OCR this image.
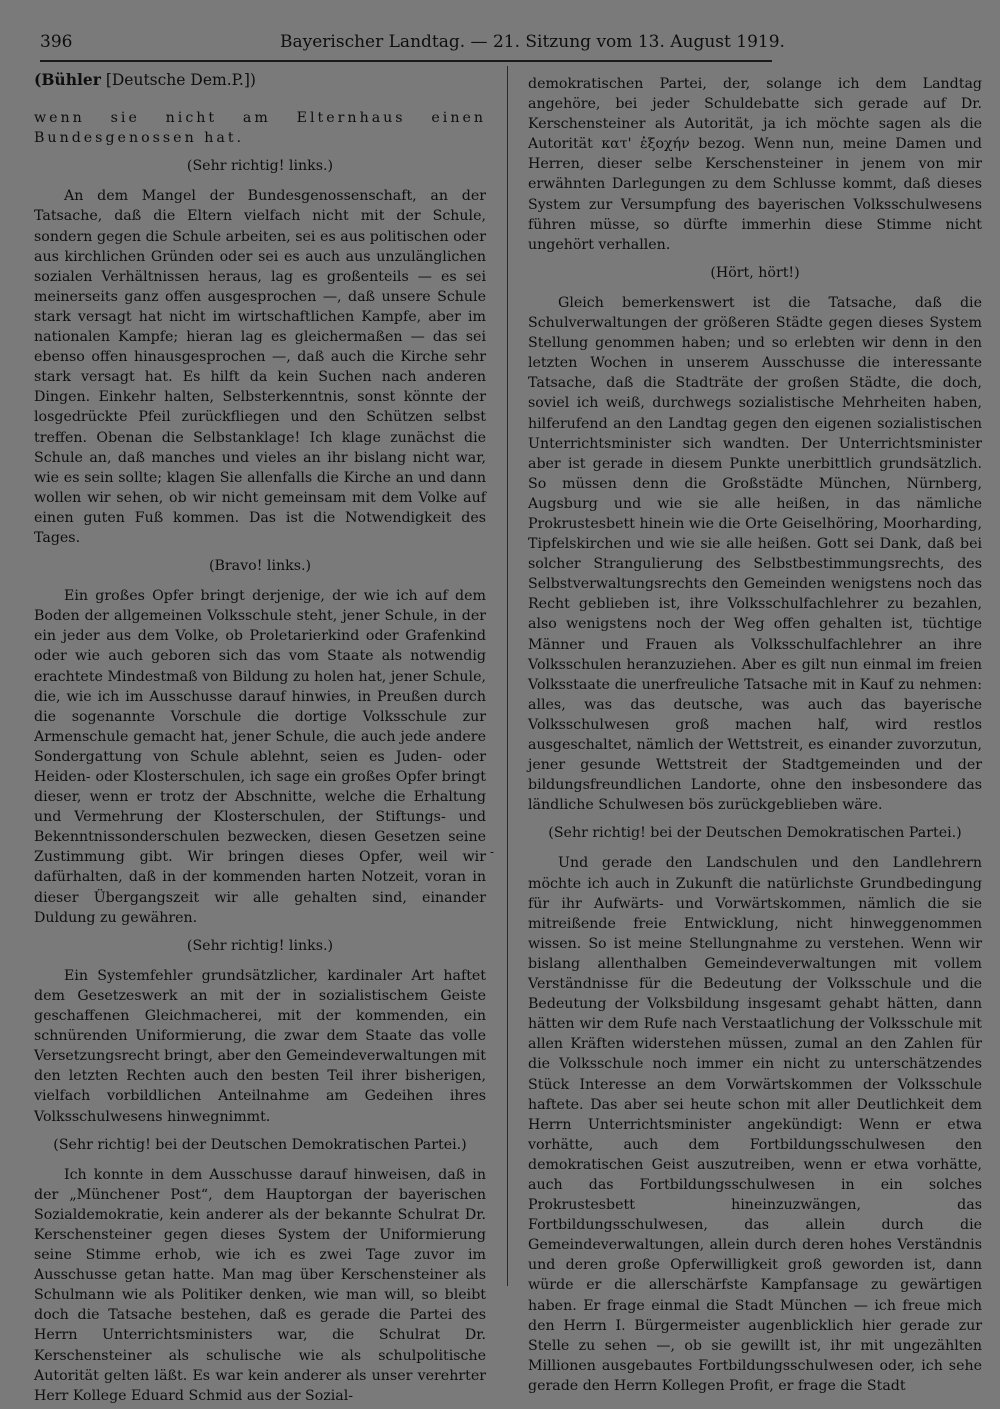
396	Bayerischer Landtag. — 21. Sitzung vom 13. August 1919.
-
(Bühler [Deutsche Dem.P.])

wenn sie nicht am Elternhaus einen Bundesgenossen hat.

(Sehr richtig! links.)

An dem Mangel der Bundesgenossenschaft, an der Tatsache, daß die Eltern vielfach nicht mit der Schule, sondern gegen die Schule arbeiten, sei es aus politischen oder aus kirchlichen Gründen oder sei es auch aus unzulänglichen sozialen Verhältnissen heraus, lag es großenteils — es sei meinerseits ganz offen ausgesprochen —, daß unsere Schule stark versagt hat nicht im wirtschaftlichen Kampfe, aber im nationalen Kampfe; hieran lag es gleichermaßen — das sei ebenso offen hinausgesprochen —, daß auch die Kirche sehr stark versagt hat. Es hilft da kein Suchen nach anderen Dingen. Einkehr halten, Selbsterkenntnis, sonst könnte der losgedrückte Pfeil zurückfliegen und den Schützen selbst treffen. Obenan die Selbstanklage! Ich klage zunächst die Schule an, daß manches und vieles an ihr bislang nicht war, wie es sein sollte; klagen Sie allenfalls die Kirche an und dann wollen wir sehen, ob wir nicht gemeinsam mit dem Volke auf einen guten Fuß kommen. Das ist die Notwendigkeit des Tages.

(Bravo! links.)

Ein großes Opfer bringt derjenige, der wie ich auf dem Boden der allgemeinen Volksschule steht, jener Schule, in der ein jeder aus dem Volke, ob Proletarierkind oder Grafenkind oder wie auch geboren sich das vom Staate als notwendig erachtete Mindestmaß von Bildung zu holen hat, jener Schule, die, wie ich im Ausschusse darauf hinwies, in Preußen durch die sogenannte Vorschule die dortige Volksschule zur Armenschule gemacht hat, jener Schule, die auch jede andere Sondergattung von Schule ablehnt, seien es Juden- oder Heiden- oder Klosterschulen, ich sage ein großes Opfer bringt dieser, wenn er trotz der Abschnitte, welche die Erhaltung und Vermehrung der Klosterschulen, der Stiftungs- und Bekenntnissonderschulen bezwecken, diesen Gesetzen seine Zustimmung gibt. Wir bringen dieses Opfer, weil wir dafürhalten, daß in der kommenden harten Notzeit, voran in dieser Übergangszeit wir alle gehalten sind, einander Duldung zu gewähren.

(Sehr richtig! links.)

Ein Systemfehler grundsätzlicher, kardinaler Art haftet dem Gesetzeswerk an mit der in sozialistischem Geiste geschaffenen Gleichmacherei, mit der kommenden, ein schnürenden Uniformierung, die zwar dem Staate das volle Versetzungsrecht bringt, aber den Gemeindeverwaltungen mit den letzten Rechten auch den besten Teil ihrer bisherigen, vielfach vorbildlichen Anteilnahme am Gedeihen ihres Volksschulwesens hinwegnimmt.

(Sehr richtig! bei der Deutschen Demokratischen Partei.)

Ich konnte in dem Ausschusse darauf hinweisen, daß in der „Münchener Post“, dem Hauptorgan der bayerischen Sozialdemokratie, kein anderer als der bekannte Schulrat Dr. Kerschensteiner gegen dieses System der Uniformierung seine Stimme erhob, wie ich es zwei Tage zuvor im Ausschusse getan hatte. Man mag über Kerschensteiner als Schulmann wie als Politiker denken, wie man will, so bleibt doch die Tatsache bestehen, daß es gerade die Partei des Herrn Unterrichtsministers war, die Schulrat Dr. Kerschensteiner als schulische wie als schulpolitische Autorität gelten läßt. Es war kein anderer als unser verehrter Herr Kollege Eduard Schmid aus der Sozial-

demokratischen Partei, der, solange ich dem Landtag angehöre, bei jeder Schuldebatte sich gerade auf Dr. Kerschensteiner als Autorität, ja ich möchte sagen als die Autorität κατ' ἐξοχήν bezog. Wenn nun, meine Damen und Herren, dieser selbe Kerschensteiner in jenem von mir erwähnten Darlegungen zu dem Schlusse kommt, daß dieses System zur Versumpfung des bayerischen Volksschulwesens führen müsse, so dürfte immerhin diese Stimme nicht ungehört verhallen.

(Hört, hört!)

Gleich bemerkenswert ist die Tatsache, daß die Schulverwaltungen der größeren Städte gegen dieses System Stellung genommen haben; und so erlebten wir denn in den letzten Wochen in unserem Ausschusse die interessante Tatsache, daß die Stadträte der großen Städte, die doch, soviel ich weiß, durchwegs sozialistische Mehrheiten haben, hilferufend an den Landtag gegen den eigenen sozialistischen Unterrichtsminister sich wandten. Der Unterrichtsminister aber ist gerade in diesem Punkte unerbittlich grundsätzlich. So müssen denn die Großstädte München, Nürnberg, Augsburg und wie sie alle heißen, in das nämliche Prokrustesbett hinein wie die Orte Geiselhöring, Moorharding, Tipfelskirchen und wie sie alle heißen. Gott sei Dank, daß bei solcher Strangulierung des Selbstbestimmungsrechts, des Selbstverwaltungsrechts den Gemeinden wenigstens noch das Recht geblieben ist, ihre Volksschulfachlehrer zu bezahlen, also wenigstens noch der Weg offen gehalten ist, tüchtige Männer und Frauen als Volksschulfachlehrer an ihre Volksschulen heranzuziehen. Aber es gilt nun einmal im freien Volksstaate die unerfreuliche Tatsache mit in Kauf zu nehmen: alles, was das deutsche, was auch das bayerische Volksschulwesen groß machen half, wird restlos ausgeschaltet, nämlich der Wettstreit, es einander zuvorzutun, jener gesunde Wettstreit der Stadtgemeinden und der bildungsfreundlichen Landorte, ohne den insbesondere das ländliche Schulwesen bös zurückgeblieben wäre.

(Sehr richtig! bei der Deutschen Demokratischen Partei.)

Und gerade den Landschulen und den Landlehrern möchte ich auch in Zukunft die natürlichste Grundbedingung für ihr Aufwärts- und Vorwärtskommen, nämlich die sie mitreißende freie Entwicklung, nicht hinweggenommen wissen. So ist meine Stellungnahme zu verstehen. Wenn wir bislang allenthalben Gemeindeverwaltungen mit vollem Verständnisse für die Bedeutung der Volksschule und die Bedeutung der Volksbildung insgesamt gehabt hätten, dann hätten wir dem Rufe nach Verstaatlichung der Volksschule mit allen Kräften widerstehen müssen, zumal an den Zahlen für die Volksschule noch immer ein nicht zu unterschätzendes Stück Interesse an dem Vorwärtskommen der Volksschule haftete. Das aber sei heute schon mit aller Deutlichkeit dem Herrn Unterrichtsminister angekündigt: Wenn er etwa vorhätte, auch dem Fortbildungsschulwesen den demokratischen Geist auszutreiben, wenn er etwa vorhätte, auch das Fortbildungsschulwesen in ein solches Prokrustesbett hineinzuzwängen, das Fortbildungsschulwesen, das allein durch die Gemeindeverwaltungen, allein durch deren hohes Verständnis und deren große Opferwilligkeit groß geworden ist, dann würde er die allerschärfste Kampfansage zu gewärtigen haben. Er frage einmal die Stadt München — ich freue mich den Herrn I. Bürgermeister augenblicklich hier gerade zur Stelle zu sehen —, ob sie gewillt ist, ihr mit ungezählten Millionen ausgebautes Fortbildungsschulwesen oder, ich sehe gerade den Herrn Kollegen Profit, er frage die Stadt
